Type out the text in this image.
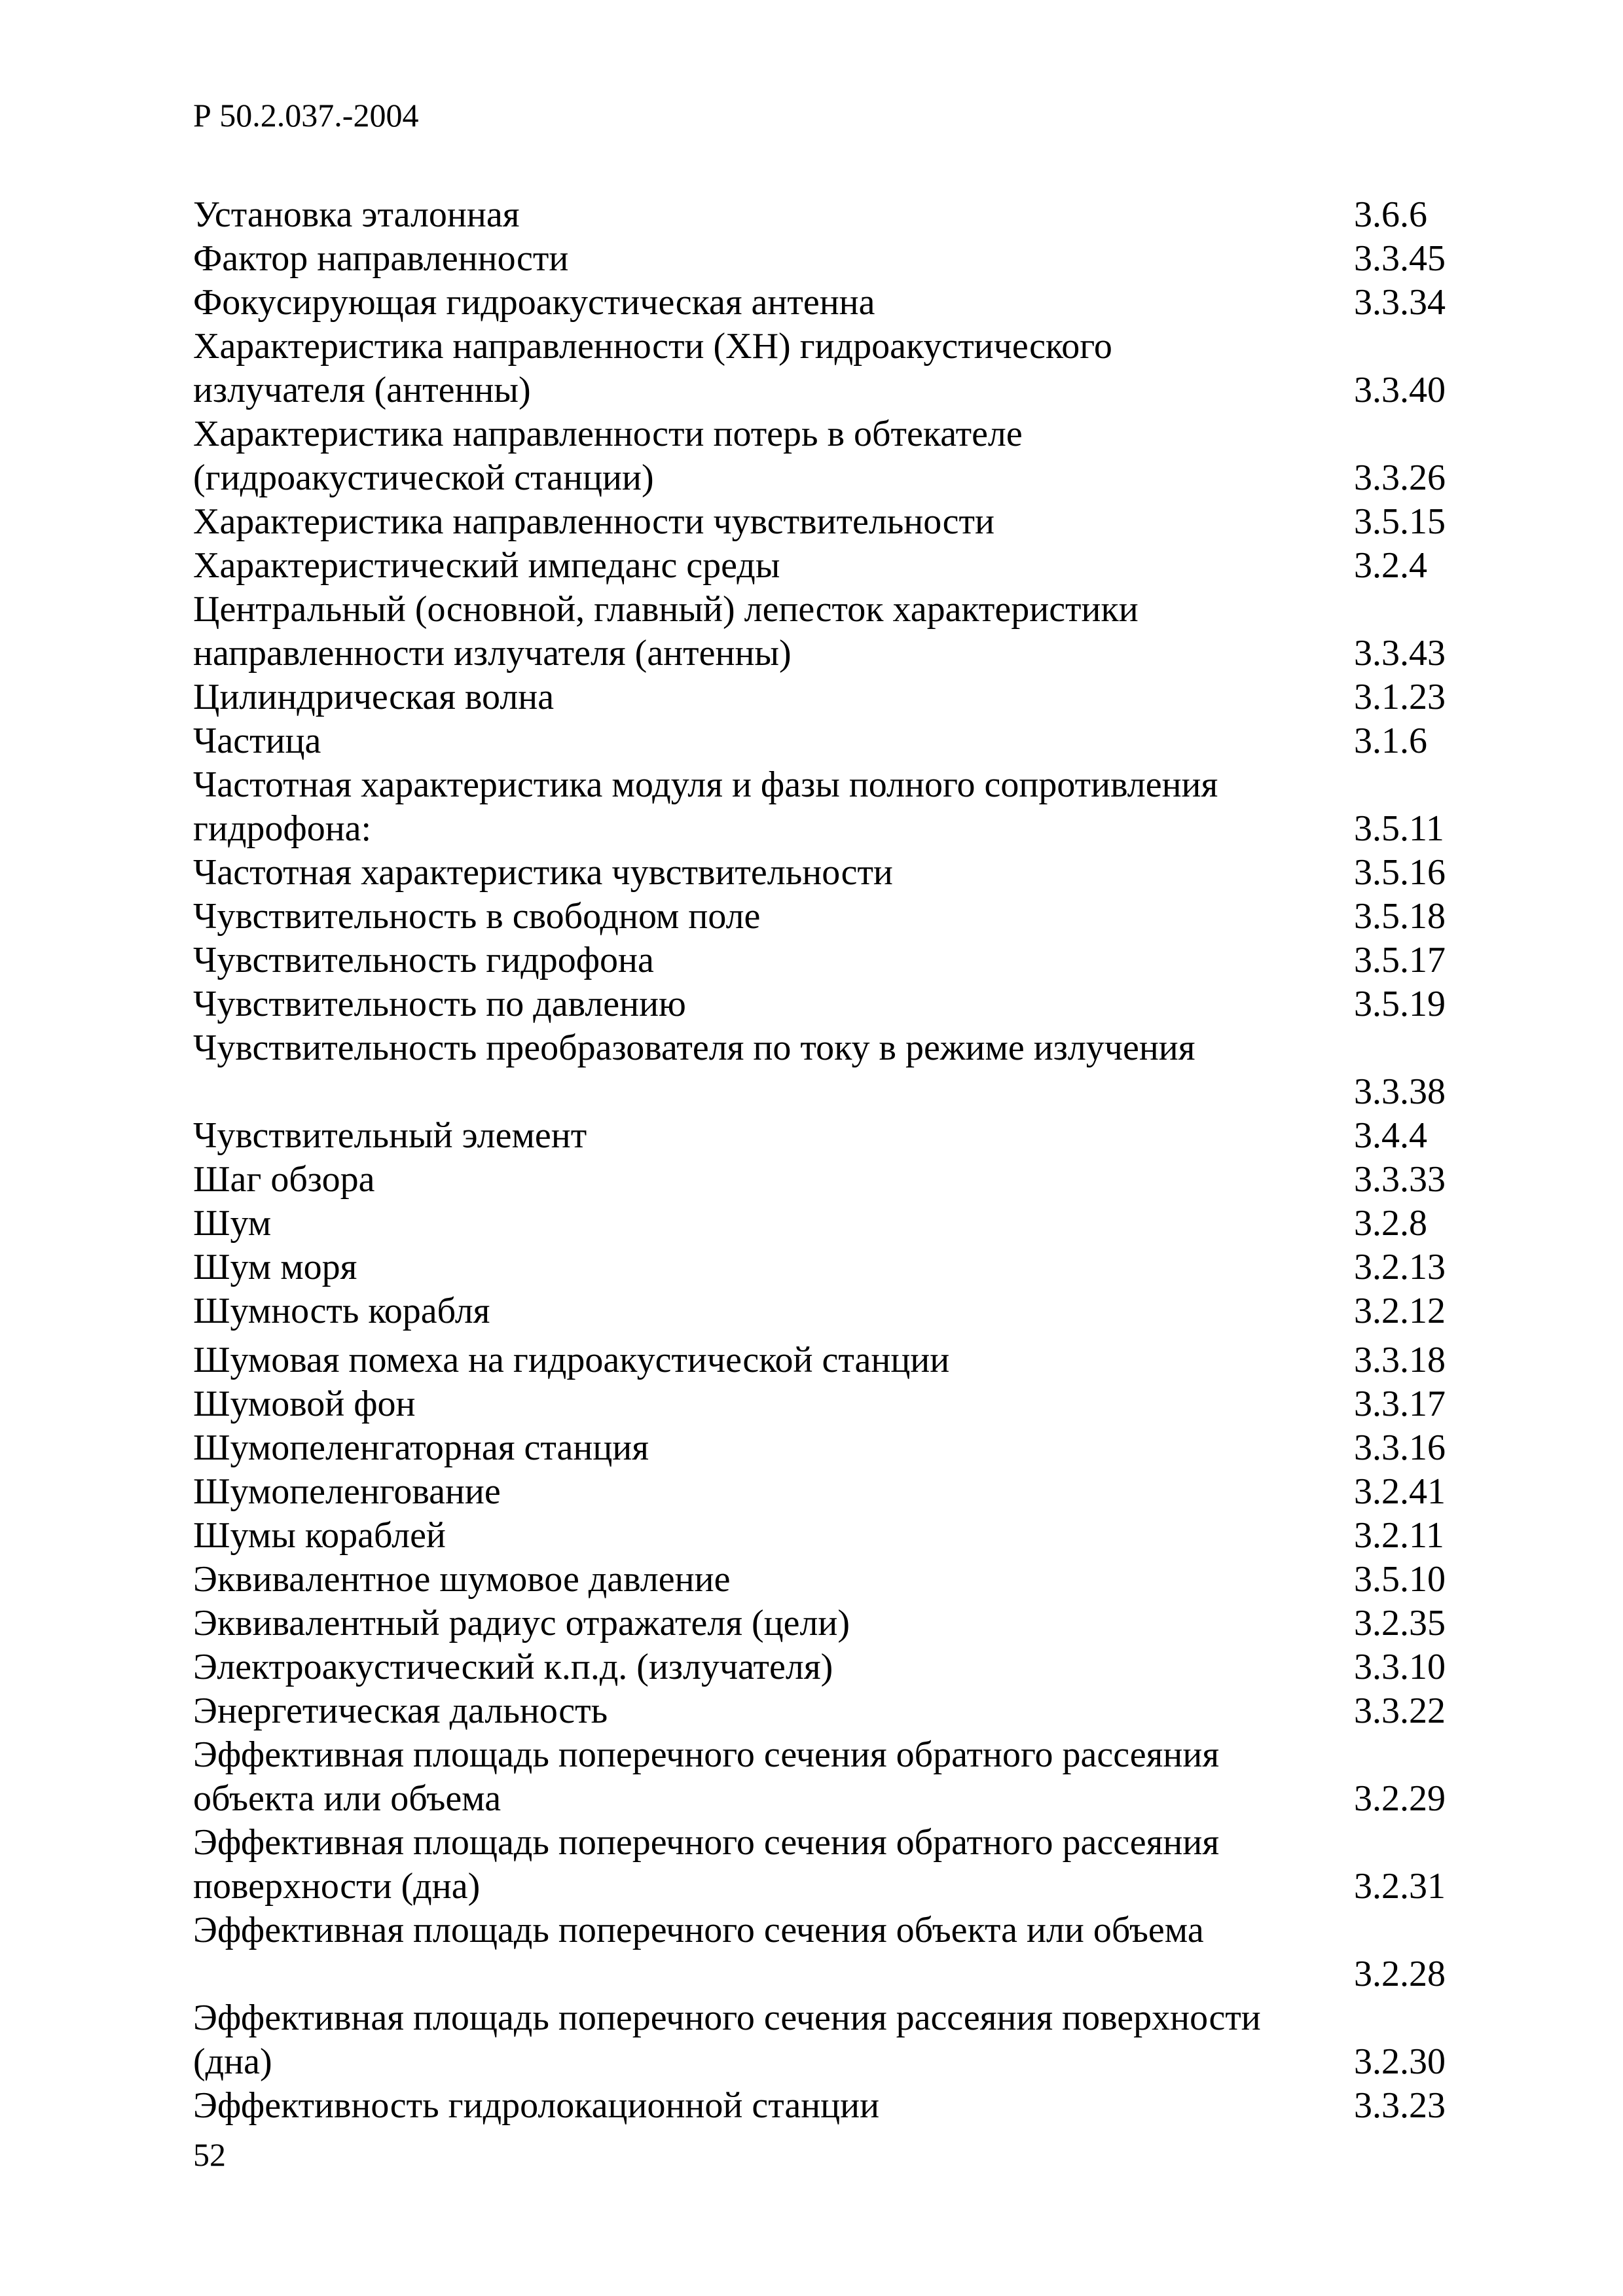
Р 50.2.037.-2004
Установка эталонная	3.6.6
Фактор направленности	3.3.45
Фокусирующая гидроакустическая антенна	3.3.34
Характеристика направленности (ХН) гидроакустического
излучателя (антенны)	3.3.40
Характеристика направленности потерь в обтекателе
(гидроакустической станции)	3.3.26
Характеристика направленности чувствительности	3.5.15
Характеристический импеданс среды	3.2.4
Центральный (основной, главный) лепесток характеристики
направленности излучателя (антенны)	3.3.43
Цилиндрическая волна	3.1.23
Частица	3.1.6
Частотная характеристика модуля и фазы полного сопротивления
гидрофона:	3.5.11
Частотная характеристика чувствительности	3.5.16
Чувствительность в свободном поле	3.5.18
Чувствительность гидрофона	3.5.17
Чувствительность по давлению	3.5.19
Чувствительность преобразователя по току в режиме излучения
3.3.38
Чувствительный элемент	3.4.4
Шаг обзора	3.3.33
Шум	3.2.8
Шум моря	3.2.13
Шумность корабля	3.2.12
Шумовая помеха на гидроакустической станции	3.3.18
Шумовой фон	3.3.17
Шумопеленгаторная станция	3.3.16
Шумопеленгование	3.2.41
Шумы кораблей	3.2.11
Эквивалентное шумовое давление	3.5.10
Эквивалентный радиус отражателя (цели)	3.2.35
Электроакустический к.п.д. (излучателя)	3.3.10
Энергетическая дальность	3.3.22
Эффективная площадь поперечного сечения обратного рассеяния
объекта или объема	3.2.29
Эффективная площадь поперечного сечения обратного рассеяния
поверхности (дна)	3.2.31
Эффективная площадь поперечного сечения объекта или объема
3.2.28
Эффективная площадь поперечного сечения рассеяния поверхности
(дна)	3.2.30
Эффективность гидролокационной станции	3.3.23
52
